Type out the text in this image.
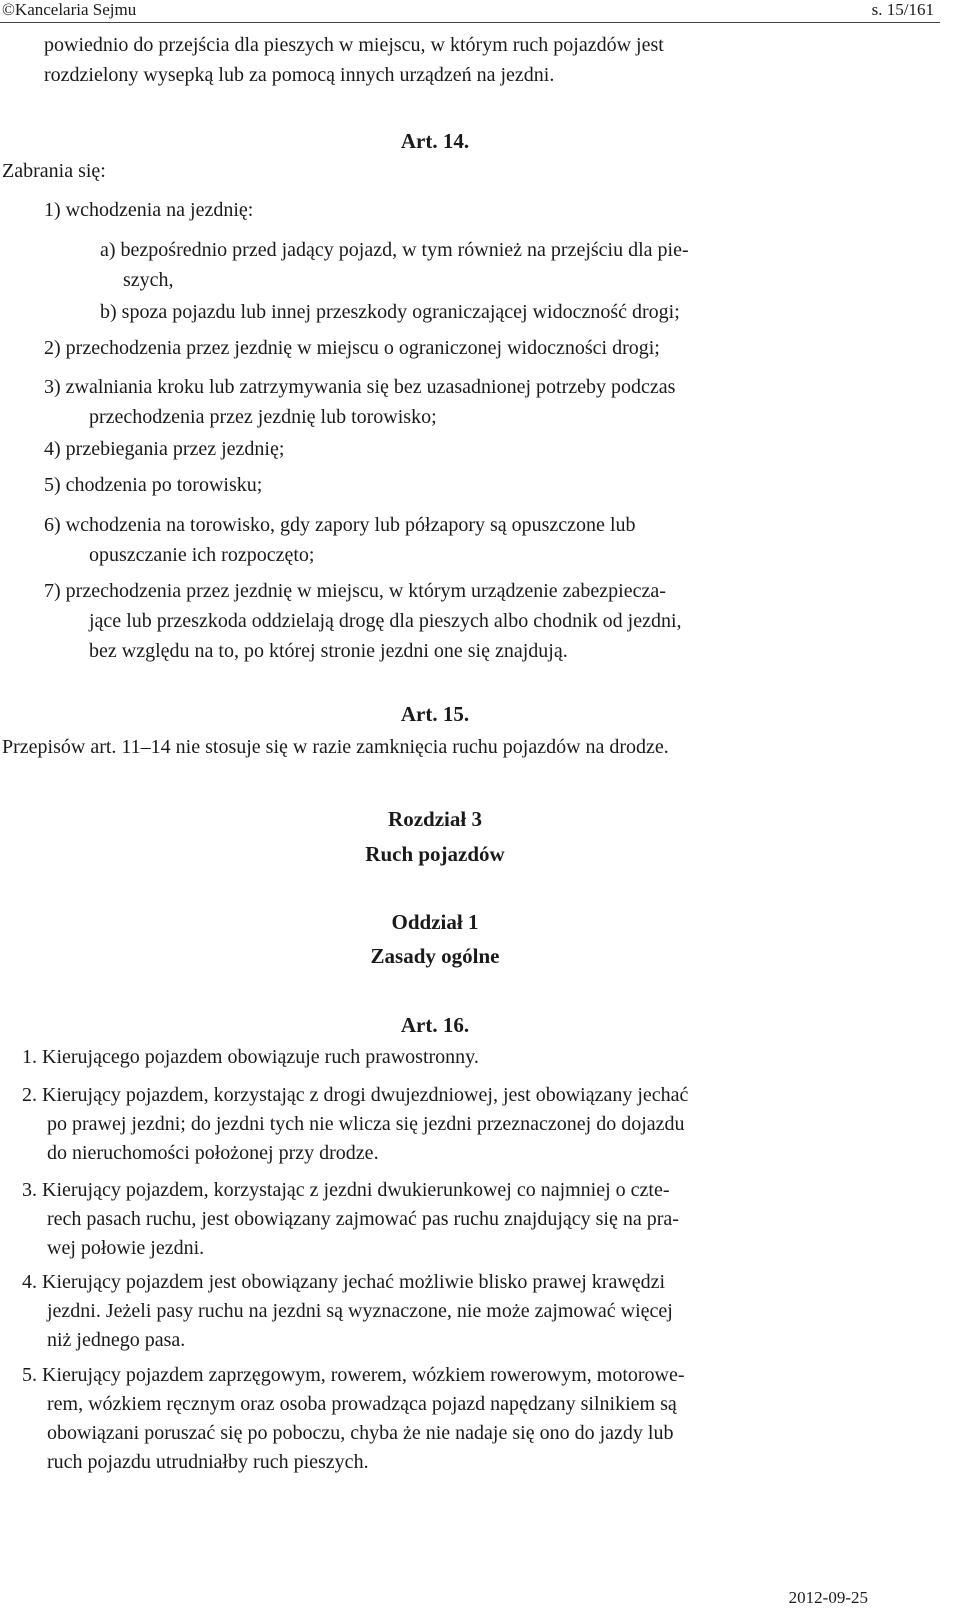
©Kancelaria Sejmu	s. 15/161
powiednio do przejścia dla pieszych w miejscu, w którym ruch pojazdów jest
rozdzielony wysepką lub za pomocą innych urządzeń na jezdni.
Art. 14.
Zabrania się:
1) wchodzenia na jezdnię:
a) bezpośrednio przed jadący pojazd, w tym również na przejściu dla pie-
szych,
b) spoza pojazdu lub innej przeszkody ograniczającej widoczność drogi;
2) przechodzenia przez jezdnię w miejscu o ograniczonej widoczności drogi;
3) zwalniania kroku lub zatrzymywania się bez uzasadnionej potrzeby podczas
przechodzenia przez jezdnię lub torowisko;
4) przebiegania przez jezdnię;
5) chodzenia po torowisku;
6) wchodzenia na torowisko, gdy zapory lub półzapory są opuszczone lub
opuszczanie ich rozpoczęto;
7) przechodzenia przez jezdnię w miejscu, w którym urządzenie zabezpiecza-
jące lub przeszkoda oddzielają drogę dla pieszych albo chodnik od jezdni,
bez względu na to, po której stronie jezdni one się znajdują.
Art. 15.
Przepisów art. 11–14 nie stosuje się w razie zamknięcia ruchu pojazdów na drodze.
Rozdział 3
Ruch pojazdów
Oddział 1
Zasady ogólne
Art. 16.
1. Kierującego pojazdem obowiązuje ruch prawostronny.
2. Kierujący pojazdem, korzystając z drogi dwujezdniowej, jest obowiązany jechać
po prawej jezdni; do jezdni tych nie wlicza się jezdni przeznaczonej do dojazdu
do nieruchomości położonej przy drodze.
3. Kierujący pojazdem, korzystając z jezdni dwukierunkowej co najmniej o czte-
rech pasach ruchu, jest obowiązany zajmować pas ruchu znajdujący się na pra-
wej połowie jezdni.
4. Kierujący pojazdem jest obowiązany jechać możliwie blisko prawej krawędzi
jezdni. Jeżeli pasy ruchu na jezdni są wyznaczone, nie może zajmować więcej
niż jednego pasa.
5. Kierujący pojazdem zaprzęgowym, rowerem, wózkiem rowerowym, motorowe-
rem, wózkiem ręcznym oraz osoba prowadząca pojazd napędzany silnikiem są
obowiązani poruszać się po poboczu, chyba że nie nadaje się ono do jazdy lub
ruch pojazdu utrudniałby ruch pieszych.
2012-09-25
